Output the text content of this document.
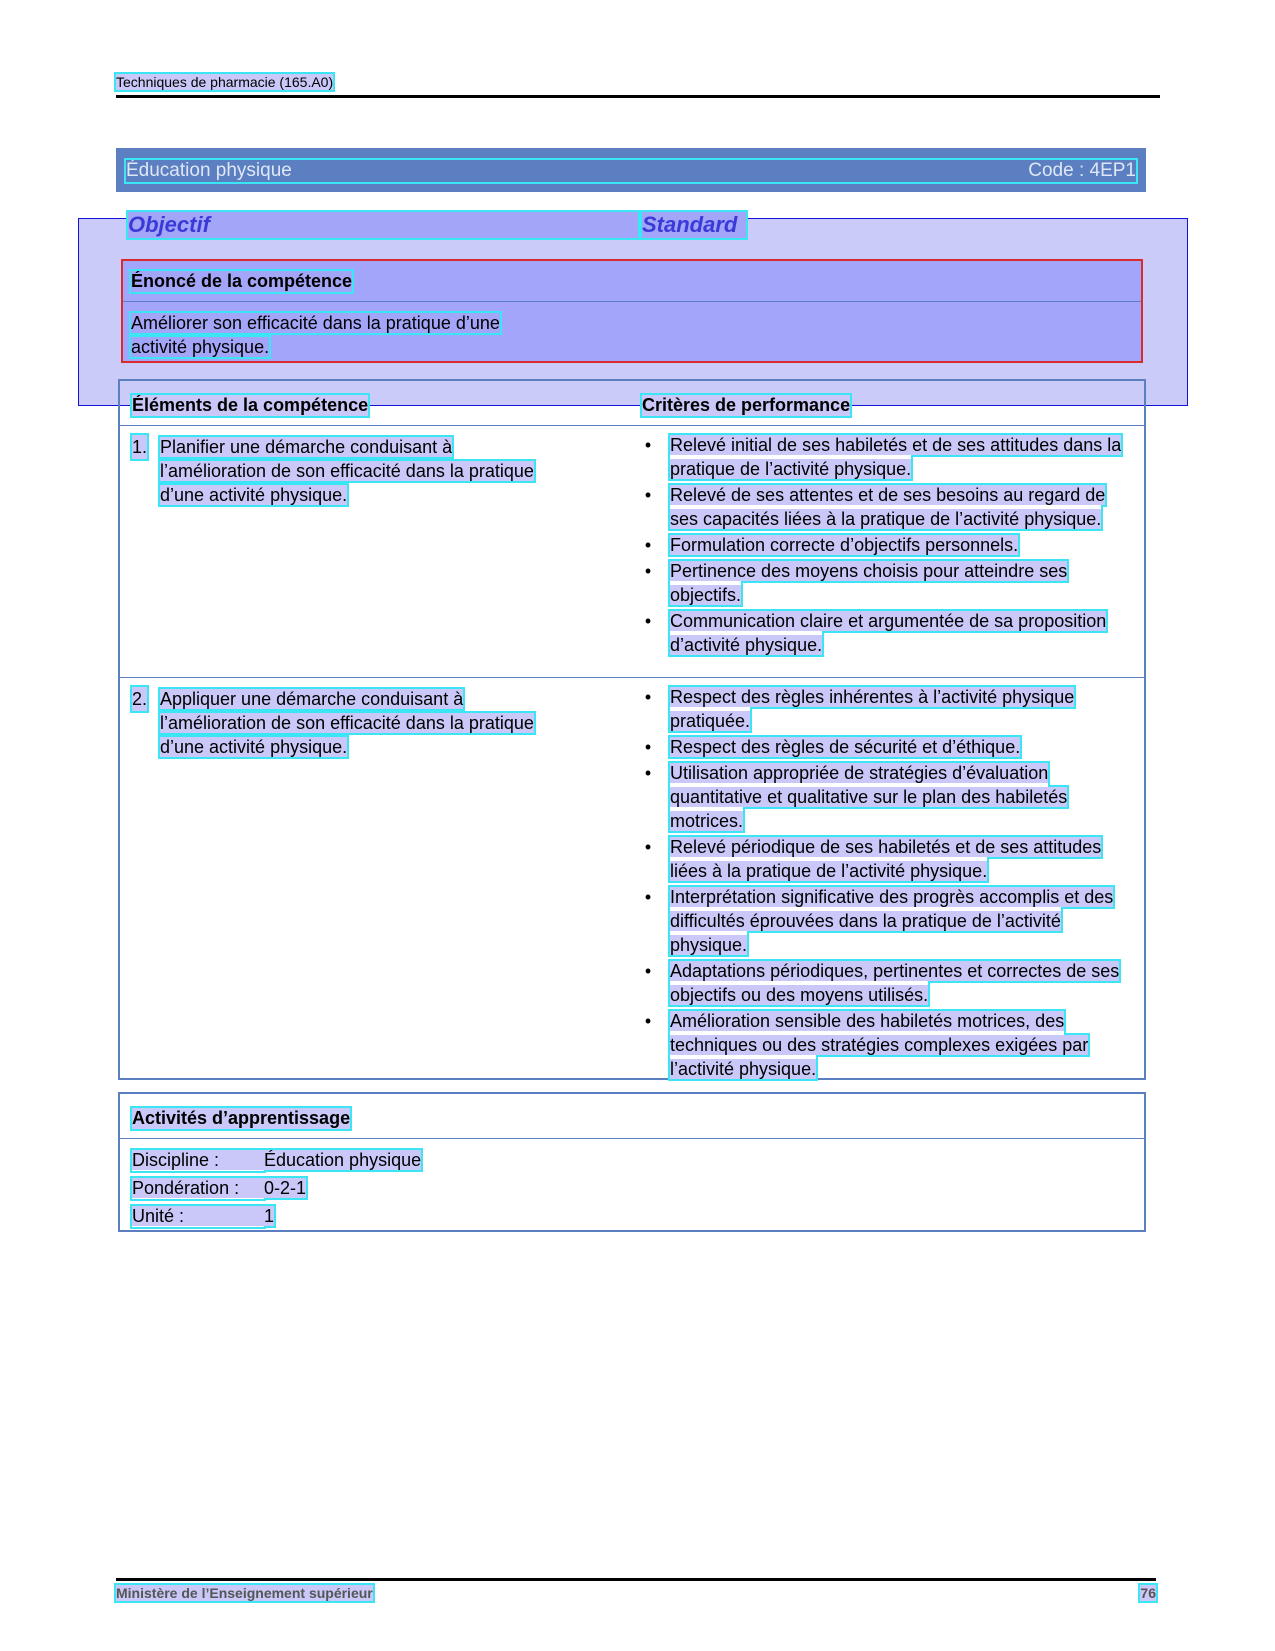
Techniques de pharmacie (165.A0)
Éducation physique	Code : 4EP1
Objectif	Standard
Énoncé de la compétence
Améliorer son efficacité dans la pratique d’une
activité physique.
Éléments de la compétence	Critères de performance
1. Planifier une démarche conduisant à
l’amélioration de son efficacité dans la pratique
d’une activité physique.
• Relevé initial de ses habiletés et de ses attitudes dans la pratique de l’activité physique.
• Relevé de ses attentes et de ses besoins au regard de ses capacités liées à la pratique de l’activité physique.
• Formulation correcte d’objectifs personnels.
• Pertinence des moyens choisis pour atteindre ses objectifs.
• Communication claire et argumentée de sa proposition d’activité physique.
2. Appliquer une démarche conduisant à
l’amélioration de son efficacité dans la pratique
d’une activité physique.
• Respect des règles inhérentes à l’activité physique pratiquée.
• Respect des règles de sécurité et d’éthique.
• Utilisation appropriée de stratégies d’évaluation quantitative et qualitative sur le plan des habiletés motrices.
• Relevé périodique de ses habiletés et de ses attitudes liées à la pratique de l’activité physique.
• Interprétation significative des progrès accomplis et des difficultés éprouvées dans la pratique de l’activité physique.
• Adaptations périodiques, pertinentes et correctes de ses objectifs ou des moyens utilisés.
• Amélioration sensible des habiletés motrices, des techniques ou des stratégies complexes exigées par l’activité physique.
Activités d’apprentissage
Discipline : Éducation physique
Pondération : 0-2-1
Unité :	1
Ministère de l’Enseignement supérieur	76
